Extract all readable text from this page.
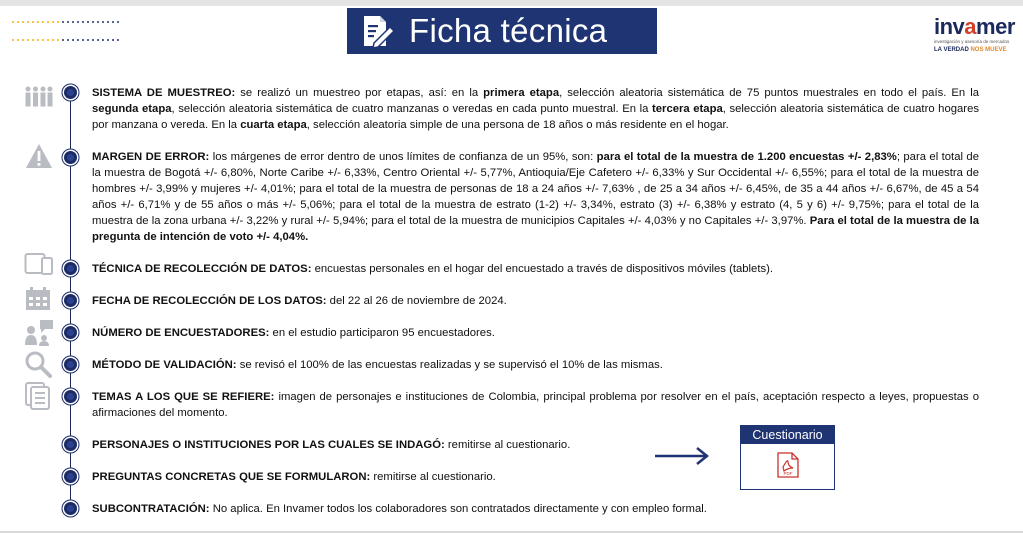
Ficha técnica	invamer
investigación y asesoría de mercados
LA VERDAD NOS MUEVE
SISTEMA DE MUESTREO: se realizó un muestreo por etapas, así: en la primera etapa, selección aleatoria sistemática de 75 puntos muestrales en todo el país. En la segunda etapa, selección aleatoria sistemática de cuatro manzanas o veredas en cada punto muestral. En la tercera etapa, selección aleatoria sistemática de cuatro hogares por manzana o vereda. En la cuarta etapa, selección aleatoria simple de una persona de 18 años o más residente en el hogar.
MARGEN DE ERROR: los márgenes de error dentro de unos límites de confianza de un 95%, son: para el total de la muestra de 1.200 encuestas +/- 2,83%; para el total de la muestra de Bogotá +/- 6,80%, Norte Caribe +/- 6,33%, Centro Oriental +/- 5,77%, Antioquia/Eje Cafetero +/- 6,33% y Sur Occidental +/- 6,55%; para el total de la muestra de hombres +/- 3,99% y mujeres +/- 4,01%; para el total de la muestra de personas de 18 a 24 años +/- 7,63% , de 25 a 34 años +/- 6,45%, de 35 a 44 años +/- 6,67%, de 45 a 54 años +/- 6,71% y de 55 años o más +/- 5,06%; para el total de la muestra de estrato (1-2) +/- 3,34%, estrato (3) +/- 6,38% y estrato (4, 5 y 6) +/- 9,75%; para el total de la muestra de la zona urbana +/- 3,22% y rural +/- 5,94%; para el total de la muestra de municipios Capitales +/- 4,03% y no Capitales +/- 3,97%. Para el total de la muestra de la pregunta de intención de voto +/- 4,04%.
TÉCNICA DE RECOLECCIÓN DE DATOS: encuestas personales en el hogar del encuestado a través de dispositivos móviles (tablets).
FECHA DE RECOLECCIÓN DE LOS DATOS: del 22 al 26 de noviembre de 2024.
NÚMERO DE ENCUESTADORES: en el estudio participaron 95 encuestadores.
MÉTODO DE VALIDACIÓN: se revisó el 100% de las encuestas realizadas y se supervisó el 10% de las mismas.
TEMAS A LOS QUE SE REFIERE: imagen de personajes e instituciones de Colombia, principal problema por resolver en el país, aceptación respecto a leyes, propuestas o afirmaciones del momento.
PERSONAJES O INSTITUCIONES POR LAS CUALES SE INDAGÓ: remitirse al cuestionario.
PREGUNTAS CONCRETAS QUE SE FORMULARON: remitirse al cuestionario.
SUBCONTRATACIÓN: No aplica. En Invamer todos los colaboradores son contratados directamente y con empleo formal.
Cuestionario
PDF
